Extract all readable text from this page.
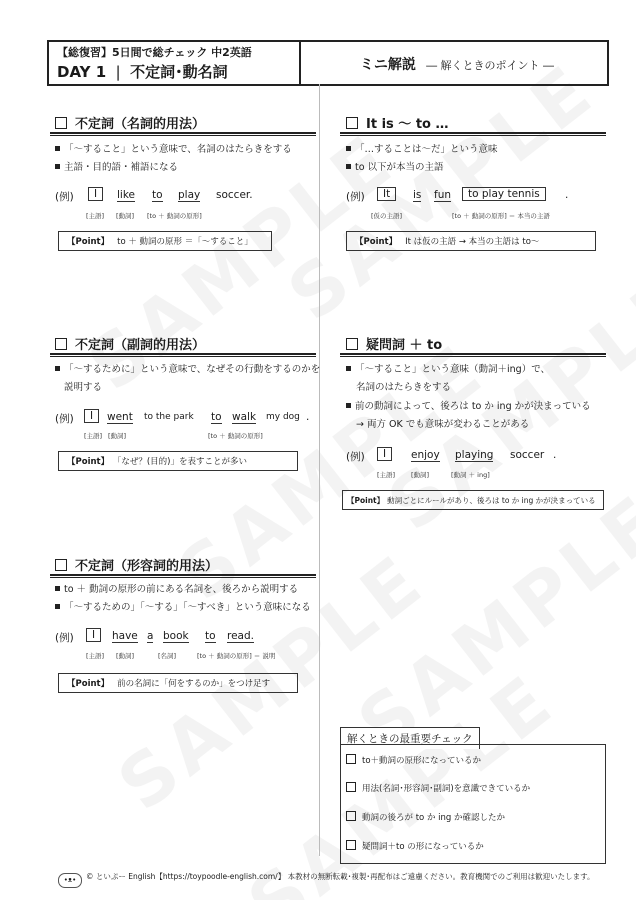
【総復習】5日間で総チェック 中2英語
DAY 1 | 不定詞･動名詞	ミニ解説 ― 解くときのポイント ―
不定詞（名詞的用法）
「～すること」という意味で、名詞のはたらきをする
主語・目的語・補語になる
(例)	I	like to play soccer.
[主語] [動詞] [to ＋ 動詞の原形]
【Point】 to ＋ 動詞の原形 ＝「～すること」
不定詞（副詞的用法）
「～するために」という意味で、なぜその行動をするのかを
説明する
(例)	I	went to the park to walk my dog .
[主語] [動詞]	[to ＋ 動詞の原形]
【Point】 「なぜ？(目的)」を表すことが多い
不定詞（形容詞的用法）
to ＋ 動詞の原形の前にある名詞を、後ろから説明する
「～するための」「～する」「～すべき」という意味になる
(例)	I	have a book to read.
[主語] [動詞]	[名詞]	[to ＋ 動詞の原形] ＝ 説明
【Point】 前の名詞に「何をするのか」をつけ足す
It is ～ to …
「…することは～だ」という意味
to 以下が本当の主語
(例)	It	is fun	to play tennis	.
[仮の主語]	[to ＋ 動詞の原形] ＝ 本当の主語
【Point】 It は仮の主語 → 本当の主語は to～
疑問詞 ＋ to
「～すること」という意味（動詞＋ing）で、
名詞のはたらきをする
前の動詞によって、後ろは to か ing かが決まっている
→ 両方 OK でも意味が変わることがある
(例)	I	enjoy playing soccer .
[主語] [動詞]	[動詞 ＋ ing]
【Point】 動詞ごとにルールがあり、後ろは to か ing かが決まっている
解くときの最重要チェック
to＋動詞の原形になっているか
用法(名詞･形容詞･副詞)を意識できているか
動詞の後ろが to か ing か確認したか
疑問詞＋to の形になっているか
•ᴥ• © といぷー English【https://toypoodle-english.com/】 本教材の無断転載･複製･再配布はご遠慮ください。教育機関でのご利用は歓迎いたします。
